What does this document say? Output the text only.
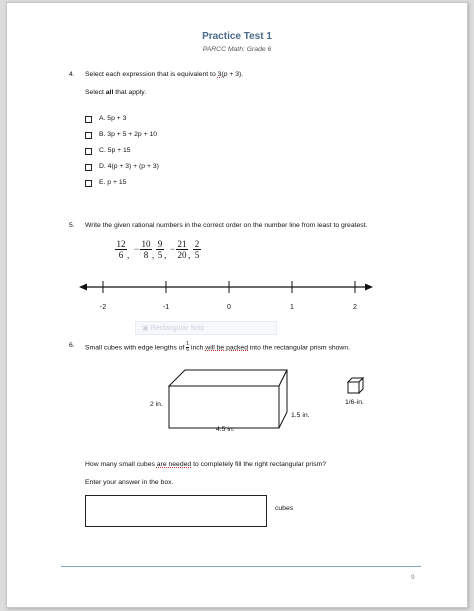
Practice Test 1
PARCC Math: Grade 6
4. Select each expression that is equivalent to 3(p + 3).
Select all that apply.
A. 5p + 3
B. 3p + 5 + 2p + 10
C. 5p + 15
D. 4(p + 3) + (p + 3)
E. p + 15
5. Write the given rational numbers in the correct order on the number line from least to greatest.
$\frac{12}{6}$ ,
− $\frac{10}{8}$ , $\frac{9}{5}$ ,
− $\frac{21}{20}$ , $\frac{2}{5}$
-2	-1	0	1	2
▣ Rectangular Snip
6. Small cubes with edge lengths of $\frac{1}{6}$ inch will be packed into the rectangular prism shown.
2 in.
4.5 in.
1.5 in.
1/6-in.
How many small cubes are needed to completely fill the right rectangular prism?
Enter your answer in the box.
cubes
9
